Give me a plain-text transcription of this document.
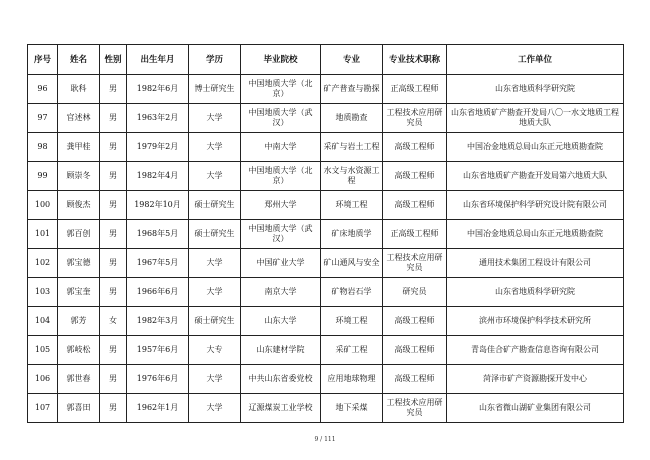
序号	姓名	性别	出生年月	学历	毕业院校	专业	专业技术职称	工作单位
96	耿科	男	1982年6月	博士研究生	中国地质大学（北京）	矿产普查与勘探	正高级工程师	山东省地质科学研究院
97	官述林	男	1963年2月	大学	中国地质大学（武汉）	地质勘查	工程技术应用研究员	山东省地质矿产勘查开发局八〇一水文地质工程地质大队
98	龚甲桂	男	1979年2月	大学	中南大学	采矿与岩土工程	高级工程师	中国冶金地质总局山东正元地质勘查院
99	顾崇冬	男	1982年4月	大学	中国地质大学（北京）	水文与水资源工程	高级工程师	山东省地质矿产勘查开发局第六地质大队
100	顾俊杰	男	1982年10月	硕士研究生	郑州大学	环境工程	高级工程师	山东省环境保护科学研究设计院有限公司
101	郭百创	男	1968年5月	硕士研究生	中国地质大学（武汉）	矿床地质学	正高级工程师	中国冶金地质总局山东正元地质勘查院
102	郭宝德	男	1967年5月	大学	中国矿业大学	矿山通风与安全	工程技术应用研究员	通用技术集团工程设计有限公司
103	郭宝奎	男	1966年6月	大学	南京大学	矿物岩石学	研究员	山东省地质科学研究院
104	郭芳	女	1982年3月	硕士研究生	山东大学	环境工程	高级工程师	滨州市环境保护科学技术研究所
105	郭岐松	男	1957年6月	大专	山东建材学院	采矿工程	高级工程师	青岛佳合矿产勘查信息咨询有限公司
106	郭世春	男	1976年6月	大学	中共山东省委党校	应用地球物理	高级工程师	菏泽市矿产资源勘探开发中心
107	郭喜田	男	1962年1月	大学	辽源煤炭工业学校	地下采煤	工程技术应用研究员	山东省微山湖矿业集团有限公司
9 / 111
